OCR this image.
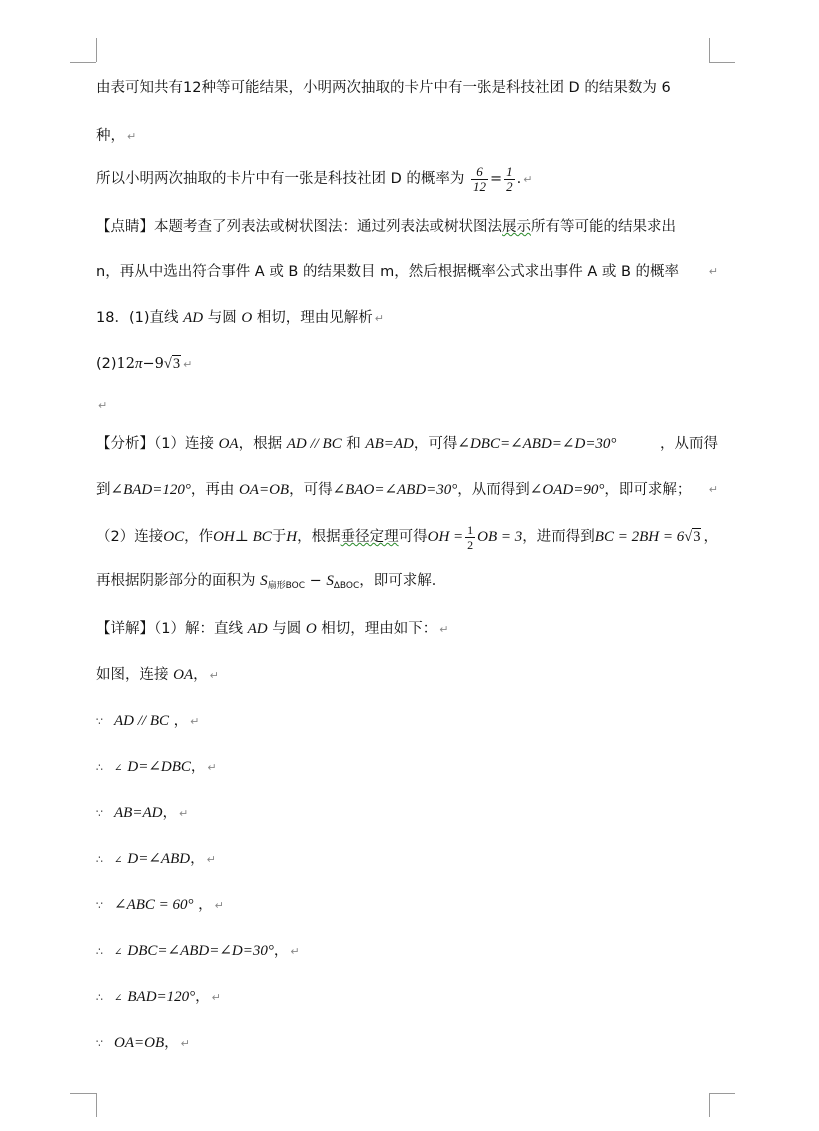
由表可知共有12种等可能结果，小明两次抽取的卡片中有一张是科技社团 D 的结果数为 6
种， ↵
所以小明两次抽取的卡片中有一张是科技社团 D 的概率为 $\frac{6}{12} = \frac{1}{2}$ . ↵
【点睛】 本题考查了列表法或树状图法：通过列表法或树状图法展示所有等可能的结果求出
n，再从中选出符合事件 A 或 B 的结果数目 m，然后根据概率公式求出事件 A 或 B 的概率	↵
18．(1)直线 AD 与圆 O 相切，理由见解析 ↵
(2)12π−9√3 ↵
↵
【分析】（1）连接 OA，根据 AD // BC 和 AB=AD，可得∠DBC=∠ABD=∠D=30°	，从而得
到∠BAD=120°，再由 OA=OB，可得∠BAO=∠ABD=30°，从而得到∠OAD=90°，即可求解； ↵
（2）连接OC，作OH⊥ BC于H，根据垂径定理可得OH = $\frac{1}{2}$ OB = 3，进而得到BC = 2BH = 6√3 ，
再根据阴影部分的面积为 $S_{扇形BOC} - S_{\Delta BOC}$，即可求解．
【详解】（1）解：直线 AD 与圆 O 相切，理由如下： ↵
如图，连接 OA， ↵
∵ AD // BC ， ↵
∴ ∠ D=∠DBC， ↵
∵ AB=AD， ↵
∴ ∠ D=∠ABD， ↵
∵ ∠ABC = 60° ， ↵
∴ ∠ DBC=∠ABD=∠D=30°， ↵
∴ ∠ BAD=120°， ↵
∵ OA=OB， ↵
